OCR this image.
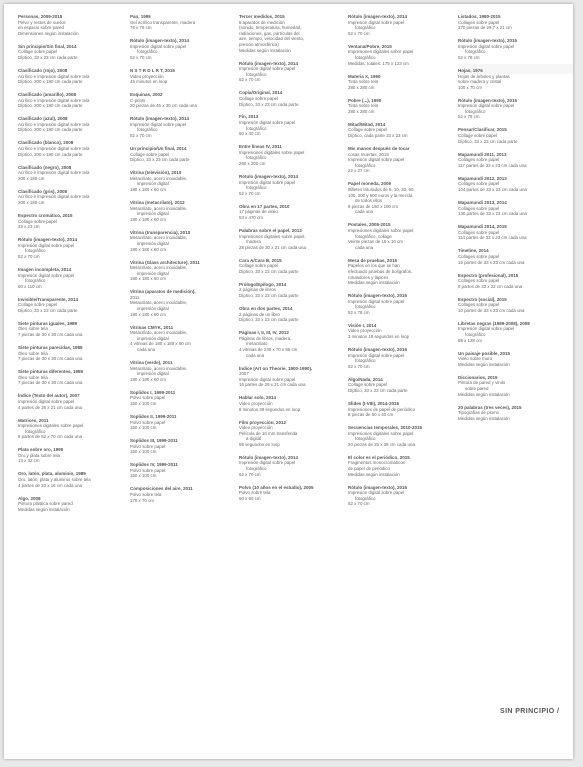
Personas, 2009-2015
Pelvo y restos de suelos
en espacio sobre pared
Dimensiones según instalación
Sin principio/Sin final, 2014
Collage sobre papel
Díptico, 33 x 23 cm cada parte
Clasificado (rojo), 2008
Acrílico e impresión digital sobre tela
Díptico, 200 x 180 cm cada parte
Clasificado (amarillo), 2008
Acrílico e impresión digital sobre tela
Díptico, 200 x 180 cm cada parte
Clasificado (azul), 2008
Acrílico e impresión digital sobre tela
Díptico, 200 x 180 cm cada parte
Clasificado (blanco), 2008
Acrílico e impresión digital sobre tela
Díptico, 200 x 180 cm cada parte
Clasificado (negro), 2008
Acrílico e impresión digital sobre tela
200 x 180 cm
Clasificado (gris), 2008
Acrílico e impresión digital sobre tela
200 x 180 cm
Espectro cromático, 2015
Collage sobre papel
33 x 23 cm
Rótulo (imagen-texto), 2014
Impresión digital sobre papel
fotográfico
52 x 70 cm
Imagen incompleta, 2014
Impresión digital sobre papel
fotográfico
60 x 110 cm
Invisible/Transparente, 2014
Collage sobre papel
Díptico, 33 x 23 cm cada parte
Siete pinturas iguales, 1989
Óleo sobre tela
7 piezas de 30 x 30 cm cada una
Siete pinturas parecidas, 1989
Óleo sobre tela
7 piezas de 30 x 30 cm cada una
Siete pinturas diferentes, 1989
Óleo sobre tela
7 piezas de 30 x 30 cm cada una
Índice (Texto del autor), 2007
Impresión digital sobre papel
4 partes de 26 x 21 cm cada una
Matrices, 2011
Impresiones digitales sobre papel
fotográfico
8 partes de 52 x 70 cm cada una
Plata sobre oro, 1990
Oro y plata sobre tela
13 x 32 cm
Oro, latón, plata, aluminio, 1989
Oro, latón, plata y aluminio sobre tela
4 partes de 23 x 16 cm cada una
Algo, 2008
Pintura plástica sobre pared
Medidas según instalación
Pan, 1995
Gel acrílico transparente, madera
76 x 76 cm
Rótulo (imagen-texto), 2014
Impresión digital sobre papel
fotográfico
52 x 70 cm
N S T R D L R T, 2015
Video proyección
45 minutos en loop
Esquinas, 2002
C-prints
20 piezas de 45 x 30 cm cada una
Rótulo (imagen-texto), 2014
Impresión digital sobre papel
fotográfico
52 x 70 cm
Un principio/Un final, 2014
Collage sobre papel
Díptico, 33 x 23 cm cada parte
Vitrina (televisión), 2010
Metacrilato, acero inoxidable,
impresión digital
180 x 180 x 60 cm
Vitrina (metacrilato), 2012
Metacrilato, acero inoxidable,
impresión digital
180 x 180 x 60 cm
Vitrina (transparencia), 2010
Metacrilato, acero inoxidable,
impresión digital
180 x 180 x 60 cm
Vitrina (Glass architecture), 2011
Metacrilato, acero inoxidable,
impresión digital
180 x 180 x 60 cm
Vitrina (aparatos de medición),
2011
Metacrilato, acero inoxidable,
impresión digital
180 x 180 x 60 cm
Vitrinas CMYK, 2011
Metacrilato, acero inoxidable,
impresión digital
4 vitrinas de 180 x 180 x 60 cm
cada una
Vitrina (verde), 2011
Metacrilato, acero inoxidable,
impresión digital
180 x 180 x 60 cm
Soplidos I, 1999-2011
Polvo sobre papel
150 x 100 cm
Soplidos II, 1999-2011
Polvo sobre papel
150 x 100 cm
Soplidos III, 1999-2011
Polvo sobre papel
150 x 100 cm
Soplidos IV, 1999-2011
Polvo sobre papel
150 x 100 cm
Composiciones del aire, 2011
Polvo sobre tela
170 x 70 cm
Tercer medidos, 2015
8 aparatos de medición
(sonido, temperatura, humedad,
radiaciones, gas, partículas del
aire, tiempo, velocidad del viento,
presión atmosférica)
Medidas según instalación
Rótulo (imagen-texto), 2014
Impresión digital sobre papel
fotográfico
52 x 70 cm
Copia/Original, 2014
Collage sobre papel
Díptico, 33 x 23 cm cada parte
Fin, 2013
Impresión digital sobre papel
fotográfico
50 x 40 cm
Entre líneas IV, 2011
Impresiones digitales sobre papel
fotográfico
260 x 200 cm
Rótulo (imagen-texto), 2014
Impresión digital sobre papel
fotográfico
52 x 70 cm
Obra en 17 partes, 2010
17 páginas de vinilo
53 x 470 cm
Palabras sobre el papel, 2013
Impresiones digitales sobre papel,
madera
28 piezas de 30 x 21 cm cada una
Cara A/Cara B, 2015
Collage sobre papel
Díptico, 33 x 23 cm cada parte
Prólogo/Epílogo, 2014
2 páginas de libros
Díptico, 33 x 23 cm cada parte
Obra en dos partes, 2014
2 páginas de un libro
Díptico, 33 x 23 cm cada parte
Páginas I, II, III, IV, 2012
Páginas de libros, madera,
metacrilato
4 vitrinas de 230 x 70 x 95 cm
cada una
Índice (Art on Theorie, 1900-1990),
2007
Impresión digital sobre papel
16 partes de 29 x 21 cm cada una
Hablar solo, 2014
Video proyección
8 minutos 38 segundos en loop
Film proyección, 2012
Video proyección
Película de 16 mm transferida
a digital
59 segundos en loop
Rótulo (imagen-texto), 2014
Impresión digital sobre papel
fotográfico
52 x 70 cm
Polvo (10 años en el estudio), 2005
Polvo sobre tela
50 x 60 cm
Rótulo (imagen-texto), 2014
Impresión digital sobre papel
fotográfico
52 x 70 cm
Ventana/Pobre, 2015
Impresiones digitales sobre papel
fotográfico
Medidas: totales: 175 x 123 cm
Materia X, 1990
Tinta sobre tela
280 x 280 cm
Pobre (...), 1990
Tinta sobre tela
280 x 280 cm
Mitad/Mitad, 2014
Collage sobre papel
Díptico, cada parte 33 x 23 cm
Mis manos después de tocar
cosas muertas, 2015
Impresión digital sobre papel
fotográfico
22 x 27 cm
Papel moneda, 2009
Billetes triturados de 5, 10, 20, 50,
100, 200 y 500 euros y la mezcla
de todos ellos
8 piezas de 150 x 150 cm
cada una
Postales, 2005-2015
Impresiones digitales sobre papel
fotográfico, collage
Veinte piezas de 15 x 10 cm
cada una
Mesa de pruebas, 2015
Papeles en los que se han
efectuado pruebas de bolígrafos,
rotuladores y lápices
Medidas según instalación
Rótulo (imagen-texto), 2015
Impresión digital sobre papel
fotográfico
52 x 78 cm
Visión I, 2014
Video proyección
3 minutos 18 segundos en loop
Rótulo (imagen-texto), 2015
Impresión digital sobre papel
fotográfico
52 x 70 cm
Algo/Nada, 2014
Collage sobre papel
Díptico, 33 x 23 cm cada parte
Slides (I-VIII), 2014-2015
Impresiones de papel de periódico
8 piezas de 50 x 40 cm
Secuencias temporales, 2010-2015
Impresiones digitales sobre papel
fotográfico
20 piezas de 25 x 38 cm cada una
El color es el periódico, 2015
Fragmentos monocromáticos
de papel de periódico
Medidas según instalación
Rótulo (imagen-texto), 2015
Impresión digital sobre papel
fotográfico
52 x 70 cm
Listados, 1980-2015
Collages sobre papel
370 piezas de 29,7 x 21 cm
Rótulo (imagen-texto), 2015
Impresión digital sobre papel
fotográfico
52 x 78 cm
Hojas, 1976
Hojas de árboles y plantas
sobre madera y cristal
100 x 70 cm
Rótulo (imagen-texto), 2015
Impresión digital sobre papel
fotográfico
52 x 78 cm
Pensar/Clasificar, 2015
Collage sobre papel
Díptico, 33 x 23 cm cada parte
Mapamundi 2011, 2013
Collages sobre papel
117 partes de 33 x 23 cm cada una
Mapamundi 2012, 2013
Collages sobre papel
104 partes de 33 x 23 cm cada una
Mapamundi 2013, 2014
Collages sobre papel
130 partes de 33 x 23 cm cada una
Mapamundi 2014, 2015
Collages sobre papel
114 partes de 33 x 23 cm cada una
Timeline, 2014
Collages sobre papel
15 partes de 33 x 23 cm cada una
Espectro (profesional), 2015
Collages sobre papel
9 partes de 33 x 22 cm cada una
Espectro (social), 2015
Collages sobre papel
10 partes de 33 x 23 cm cada una
Libretas negras (1989-2008), 2008
Impresión digital sobre papel
fotográfico
88 x 128 cm
Un paisaje posible, 2015
Vinilo sobre muro
Medidas según instalación
Diccionarios, 2015
Pintura de pared y vinilo
sobre pared
Medidas según instalación
20 palabras (tres veces), 2015
Tipografías de plomo
Medidas según instalación
SIN PRINCIPIO /
